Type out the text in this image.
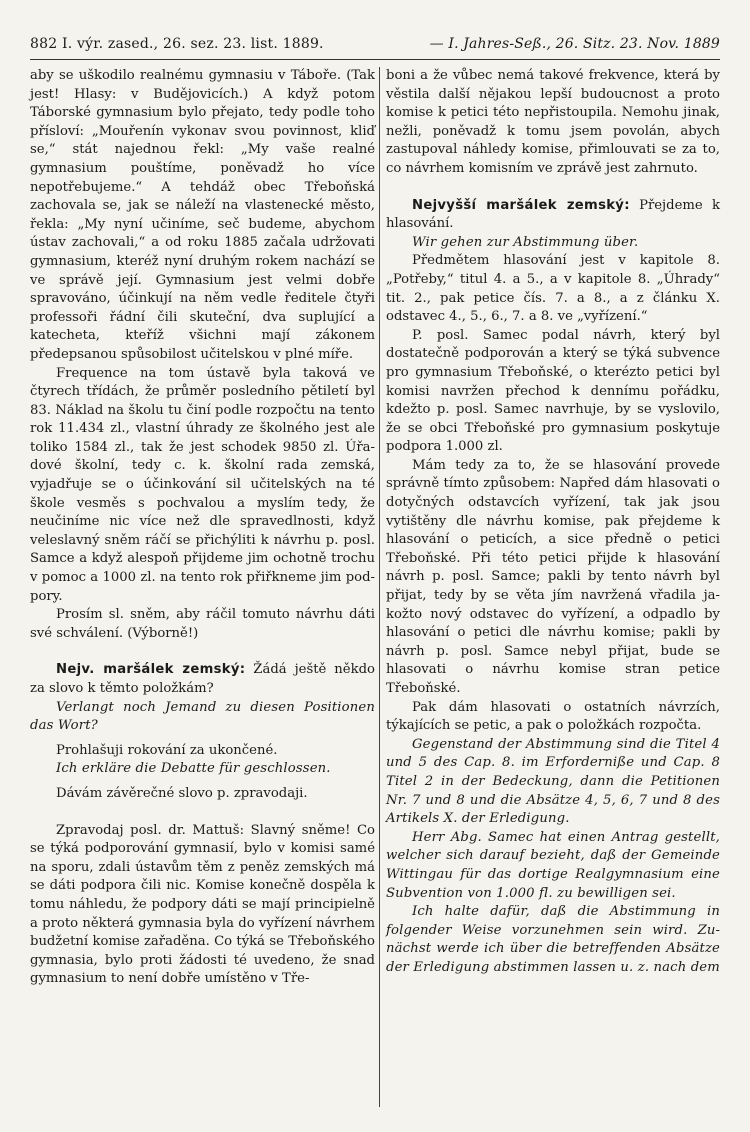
882 I. výr. zased., 26. sez. 23. list. 1889.	— I. Jahres-Seß., 26. Sitz. 23. Nov. 1889

aby se uškodilo realnému gymnasiu v Táboře. (Tak jest! Hlasy: v Budějovicích.) A když potom Táborské gymnasium bylo přejato, tedy podle toho přísloví: „Mouřenín vykonav svou povinnost, kliď se,“ stát najednou řekl: „My vaše realné gymnasium pouštíme, poněvadž ho více nepotřebujeme.“ A tehdáž obec Třeboňská zachovala se, jak se náleží na vlastenecké město, řekla: „My nyní učiníme, seč budeme, abychom ústav zachovali,“ a od roku 1885 začala udržovati gymnasium, kteréž nyní druhým rokem nachází se ve správě její. Gymnasium jest velmi dobře spravováno, účinkují na něm vedle ředitele čtyři professoři řádní čili skuteční, dva suplující a katecheta, kteříž všichni mají zákonem předepsanou spůsobilost učitelskou v plné míře.

Frequence na tom ústavě byla taková ve čtyrech třídách, že průměr posledního pětiletí byl 83. Náklad na školu tu činí podle rozpočtu na tento rok 11.434 zl., vlastní úhrady ze školného jest ale toliko 1584 zl., tak že jest schodek 9850 zl. Úřadové školní, tedy c. k. školní rada zemská, vyjadřuje se o účinkování sil učitelských na té škole vesměs s pochvalou a myslím tedy, že neučiníme nic více než dle spravedlnosti, když veleslavný sněm ráčí se přichýliti k návrhu p. posl. Samce a když alespoň přijdeme jim ochotně trochu v pomoc a 1000 zl. na tento rok přiřkneme jim podpory.

Prosím sl. sněm, aby ráčil tomuto návrhu dáti své schválení. (Výborně!)

Nejv. maršálek zemský: Žádá ještě někdo za slovo k těmto položkám?

Verlangt noch Jemand zu diesen Positionen das Wort?

Prohlašuji rokování za ukončené.

Ich erkläre die Debatte für geschlossen.

Dávám závěrečné slovo p. zpravodaji.

Zpravodaj posl. dr. Mattuš: Slavný sněme! Co se týká podporování gymnasií, bylo v komisi samé na sporu, zdali ústavům těm z peněz zemských má se dáti podpora čili nic. Komise konečně dospěla k tomu náhledu, že podpory dáti se mají principielně a proto některá gymnasia byla do vyřízení návrhem budžetní komise zařaděna. Co týká se Třeboňského gymnasia, bylo proti žádosti té uvedeno, že snad gymnasium to není dobře umístěno v Tře-

boni a že vůbec nemá takové frekvence, která by věstila další nějakou lepší budoucnost a proto komise k petici této nepřistoupila. Nemohu jinak, nežli, poněvadž k tomu jsem povolán, abych zastupoval náhledy komise, přimlouvati se za to, co návrhem komisním ve zprávě jest zahrnuto.

Nejvyšší maršálek zemský: Přejdeme k hlasování.

Wir gehen zur Abstimmung über.

Předmětem hlasování jest v kapitole 8. „Potřeby,“ titul 4. a 5., a v kapitole 8. „Úhrady“ tit. 2., pak petice čís. 7. a 8., a z článku X. odstavec 4., 5., 6., 7. a 8. ve „vyřízení.“

P. posl. Samec podal návrh, který byl dostatečně podporován a který se týká subvence pro gymnasium Třeboňské, o kterézto petici byl komisi navržen přechod k dennímu pořádku, kdežto p. posl. Samec navrhuje, by se vyslovilo, že se obci Třeboňské pro gymnasium poskytuje podpora 1.000 zl.

Mám tedy za to, že se hlasování provede správně tímto způsobem: Napřed dám hlasovati o dotyčných odstavcích vyřízení, tak jak jsou vytištěny dle návrhu komise, pak přejdeme k hlasování o peticích, a sice předně o petici Třeboňské. Při této petici přijde k hlasování návrh p. posl. Samce; pakli by tento návrh byl přijat, tedy by se věta jím navržená vřadila jakožto nový odstavec do vyřízení, a odpadlo by hlasování o petici dle návrhu komise; pakli by návrh p. posl. Samce nebyl přijat, bude se hlasovati o návrhu komise stran petice Třeboňské.

Pak dám hlasovati o ostatních návrzích, týkajících se petic, a pak o položkách rozpočta.

Gegenstand der Abstimmung sind die Titel 4 und 5 des Cap. 8. im Erforderniße und Cap. 8 Titel 2 in der Bedeckung, dann die Petitionen Nr. 7 und 8 und die Absätze 4, 5, 6, 7 und 8 des Artikels X. der Erledigung.

Herr Abg. Samec hat einen Antrag gestellt, welcher sich darauf bezieht, daß der Gemeinde Wittingau für das dortige Realgymnasium eine Subvention von 1.000 fl. zu bewilligen sei.

Ich halte dafür, daß die Abstimmung in folgender Weise vorzunehmen sein wird. Zunächst werde ich über die betreffenden Absätze der Erledigung abstimmen lassen u. z. nach dem
